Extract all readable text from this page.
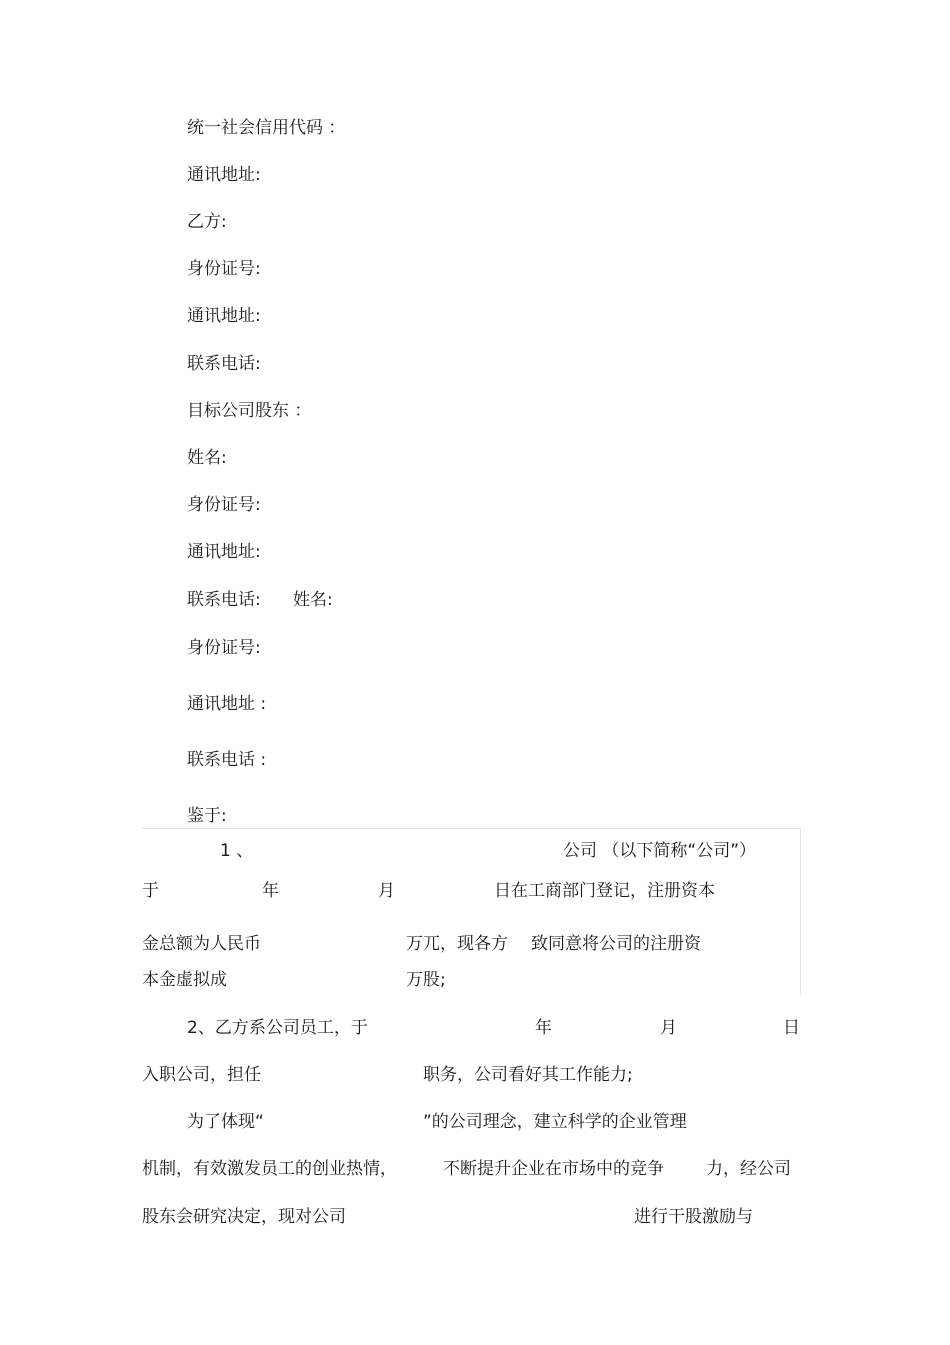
统一社会信用代码 ：
通讯地址:
乙方:
身份证号:
通讯地址:
联系电话:
目标公司股东 ：
姓名:
身份证号:
通讯地址:
联系电话: 姓名:
身份证号:
通讯地址 :
联系电话 :
鉴于:
1 、	公司 （以下简称“公司”）
于	年	月	日在工商部门登记，注册资本
金总额为人民币	万兀，现各方 致同意将公司的注册资
本金虚拟成	万股;
2、乙方系公司员工，于	年	月	日
入职公司，担任	职务，公司看好其工作能力;
为了体现“	”的公司理念，建立科学的企业管理
机制，有效激发员工的创业热情，	不断提升企业在市场中的竞争 力，经公司
股东会研究决定，现对公司	进行干股激励与
